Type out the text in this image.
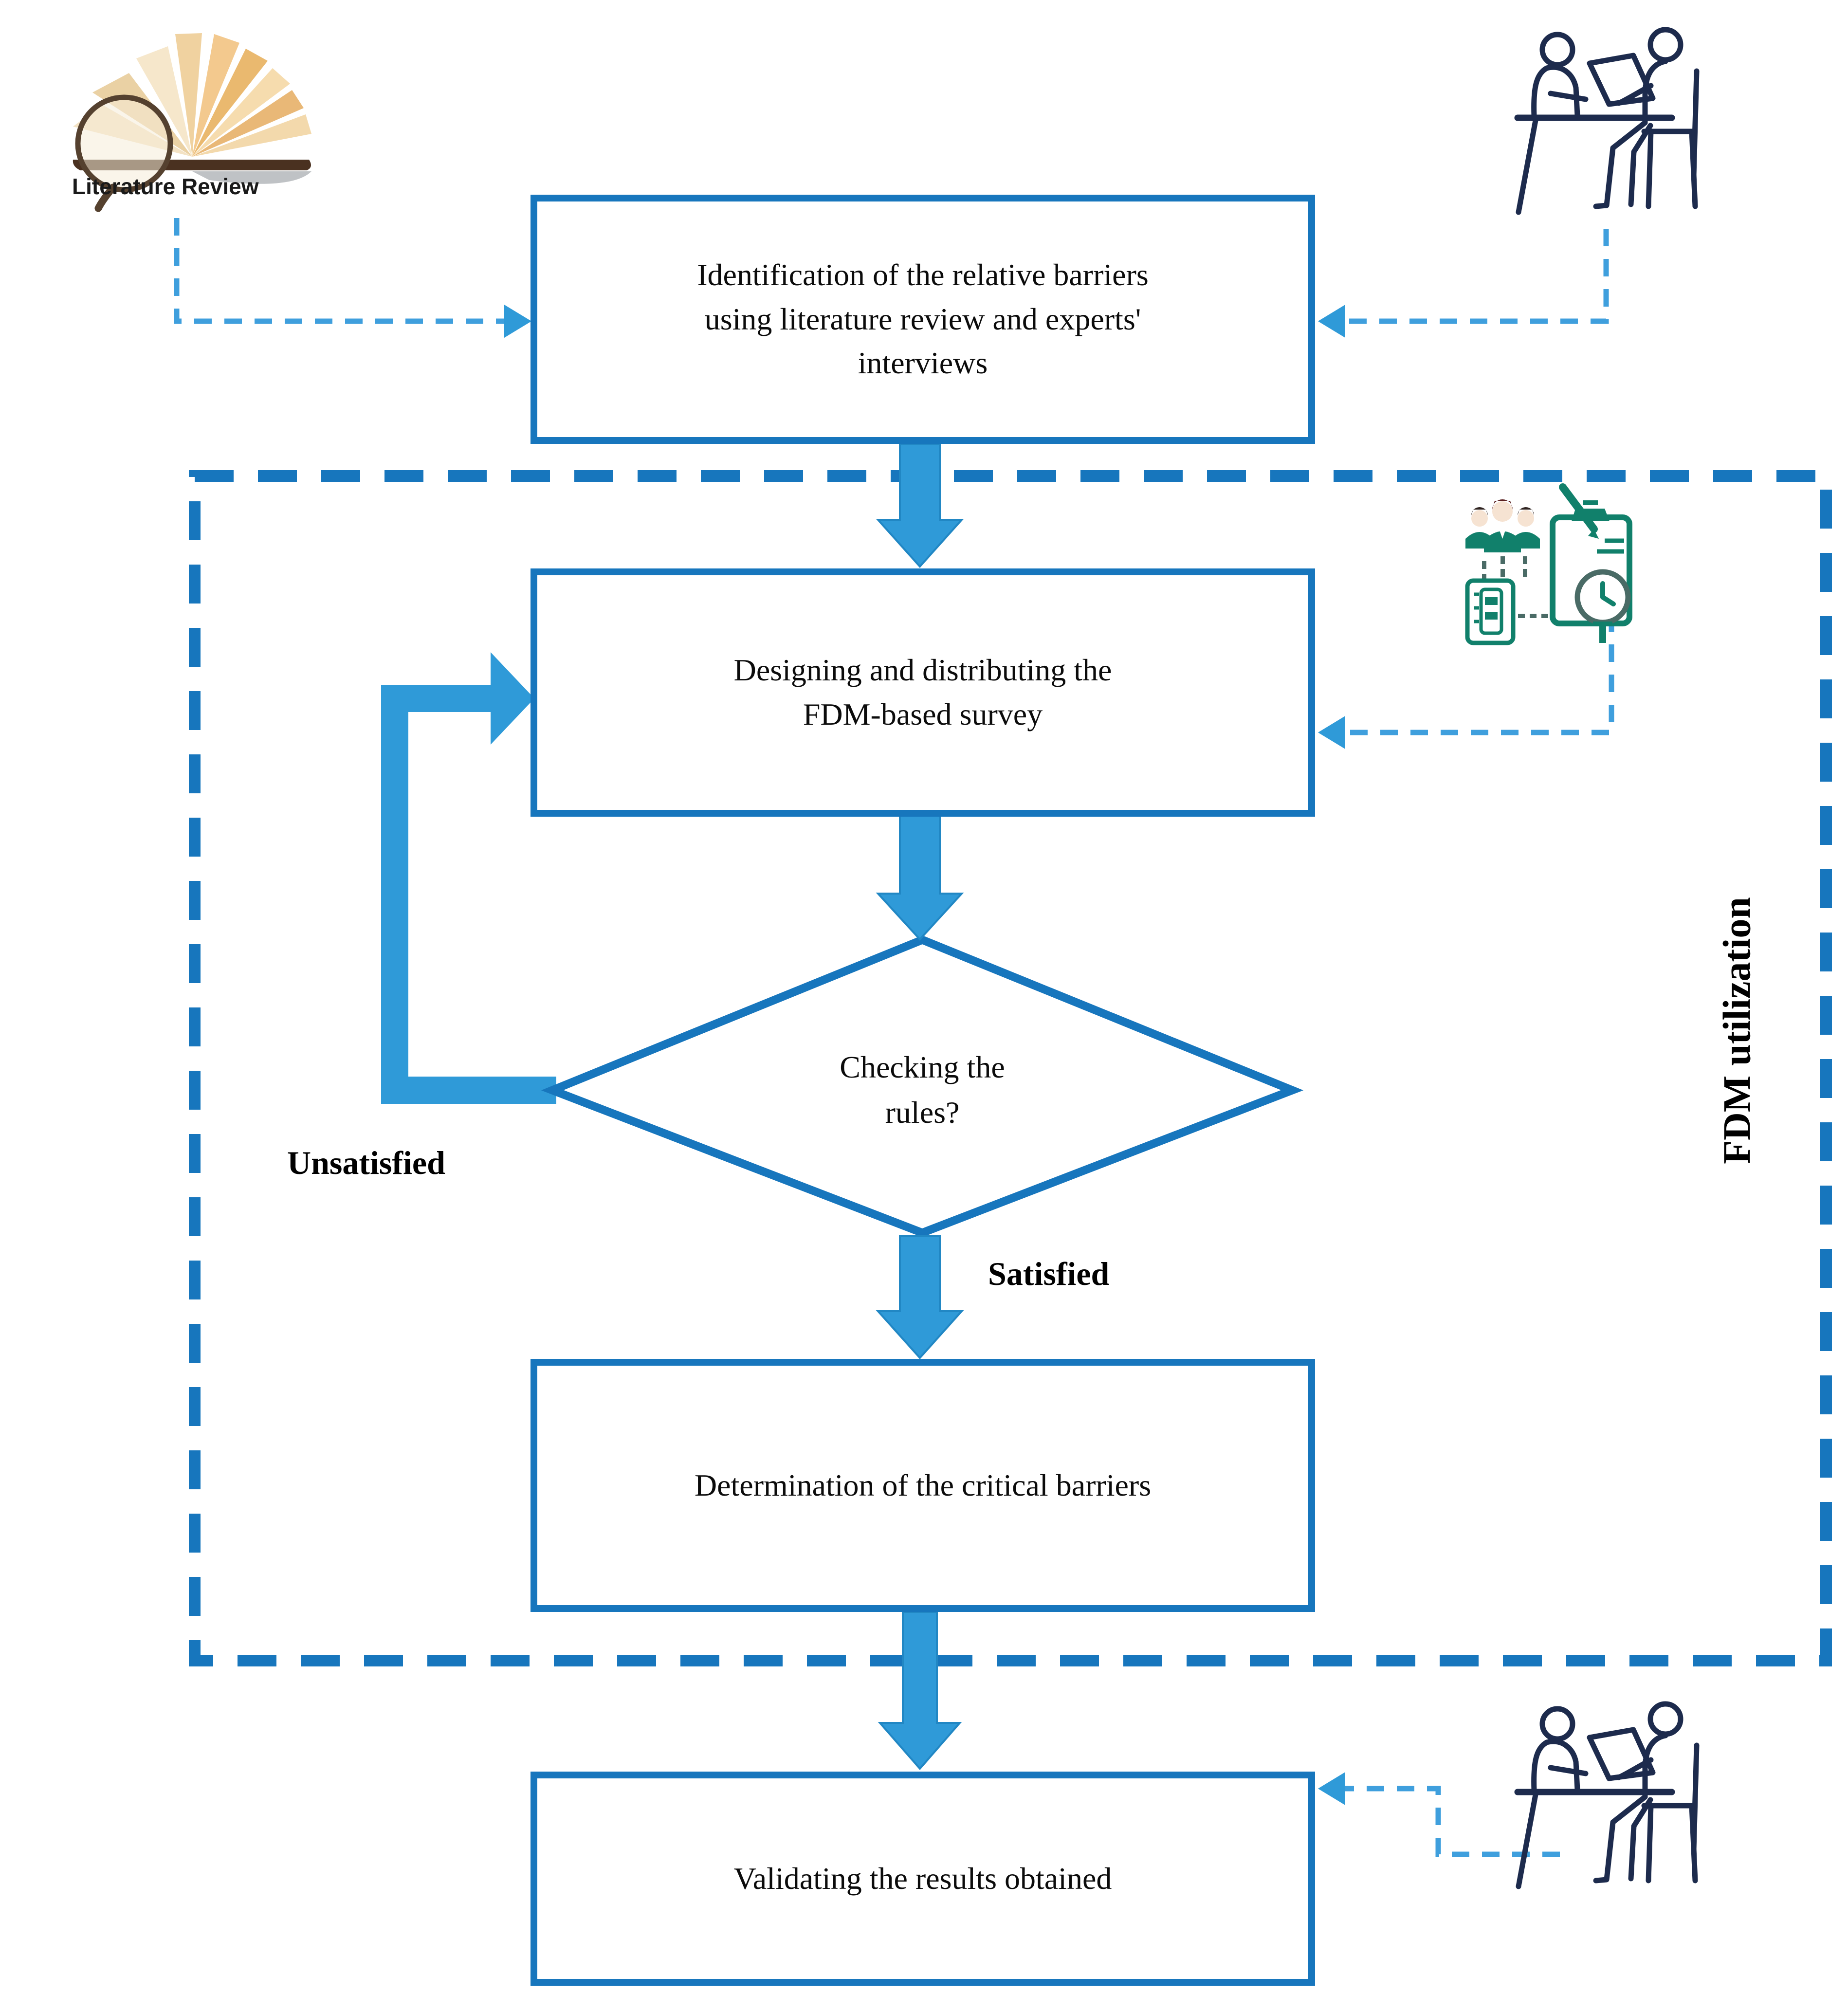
Identification of the relative barriers
using literature review and experts'
interviews
Designing and distributing the
FDM-based survey
Checking the
rules?
Determination of the critical barriers
Validating the results obtained
Unsatisfied
Satisfied
FDM utilization
Literature Review
